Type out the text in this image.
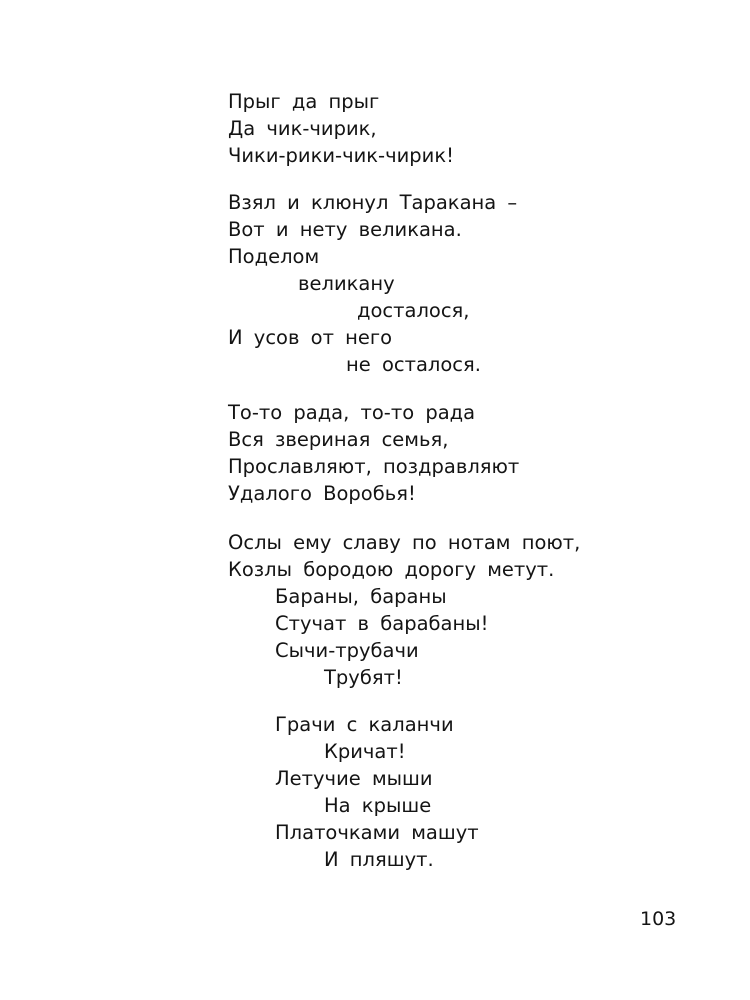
Прыг да прыг
Да чик-чирик,
Чики-рики-чик-чирик!
Взял и клюнул Таракана –
Вот и нету великана.
Поделом
великану
досталося,
И усов от него
не осталося.
То-то рада, то-то рада
Вся звериная семья,
Прославляют, поздравляют
Удалого Воробья!
Ослы ему славу по нотам поют,
Козлы бородою дорогу метут.
Бараны, бараны
Стучат в барабаны!
Сычи-трубачи
Трубят!
Грачи с каланчи
Кричат!
Летучие мыши
На крыше
Платочками машут
И пляшут.
103
